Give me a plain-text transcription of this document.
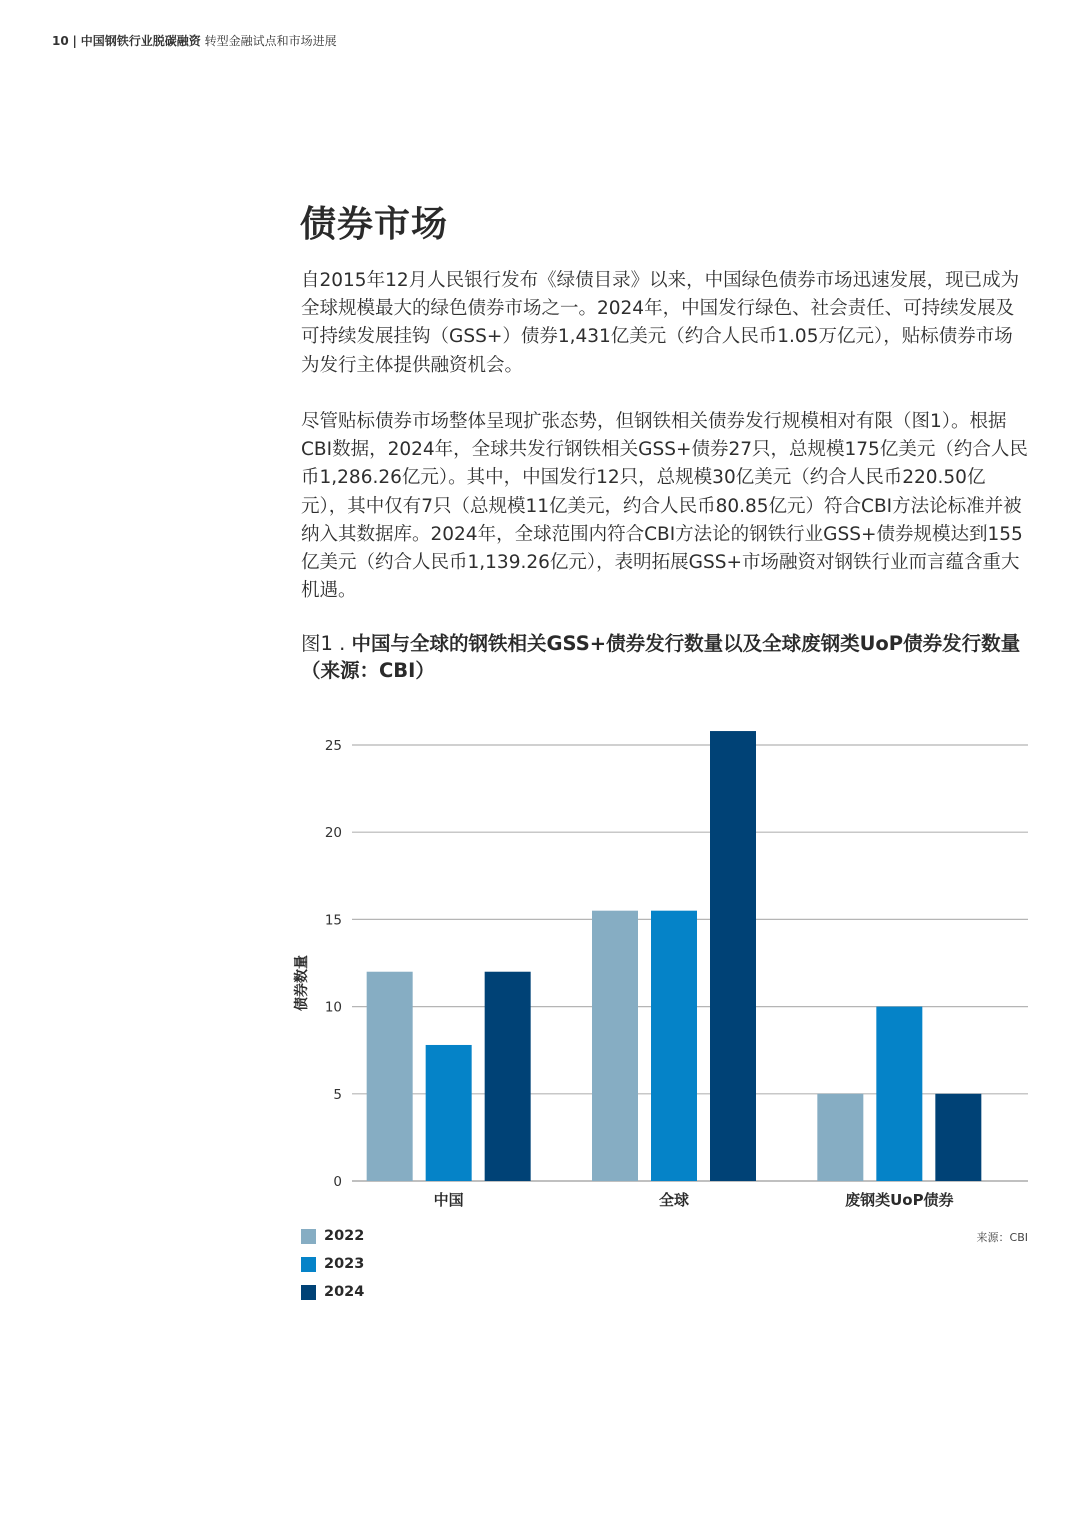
10 | 中国钢铁行业脱碳融资 转型金融试点和市场进展
债券市场

自2015年12月人民银行发布《绿债目录》以来，中国绿色债券市场迅速发展，现已成为全球规模最大的绿色债券市场之一。2024年，中国发行绿色、社会责任、可持续发展及可持续发展挂钩（GSS+）债券1,431亿美元（约合人民币1.05万亿元），贴标债券市场为发行主体提供融资机会。

尽管贴标债券市场整体呈现扩张态势，但钢铁相关债券发行规模相对有限（图1）。根据CBI数据，2024年，全球共发行钢铁相关GSS+债券27只，总规模175亿美元（约合人民币1,286.26亿元）。其中，中国发行12只，总规模30亿美元（约合人民币220.50亿元），其中仅有7只（总规模11亿美元，约合人民币80.85亿元）符合CBI方法论标准并被纳入其数据库。2024年，全球范围内符合CBI方法论的钢铁行业GSS+债券规模达到155亿美元（约合人民币1,139.26亿元），表明拓展GSS+市场融资对钢铁行业而言蕴含重大机遇。

图1 . 中国与全球的钢铁相关GSS+债券发行数量以及全球废钢类UoP债券发行数量（来源：CBI）

0
5
10
15
20
25
债券数量
中国	全球	废钢类UoP债券
来源：CBI
2022
2023
2024
